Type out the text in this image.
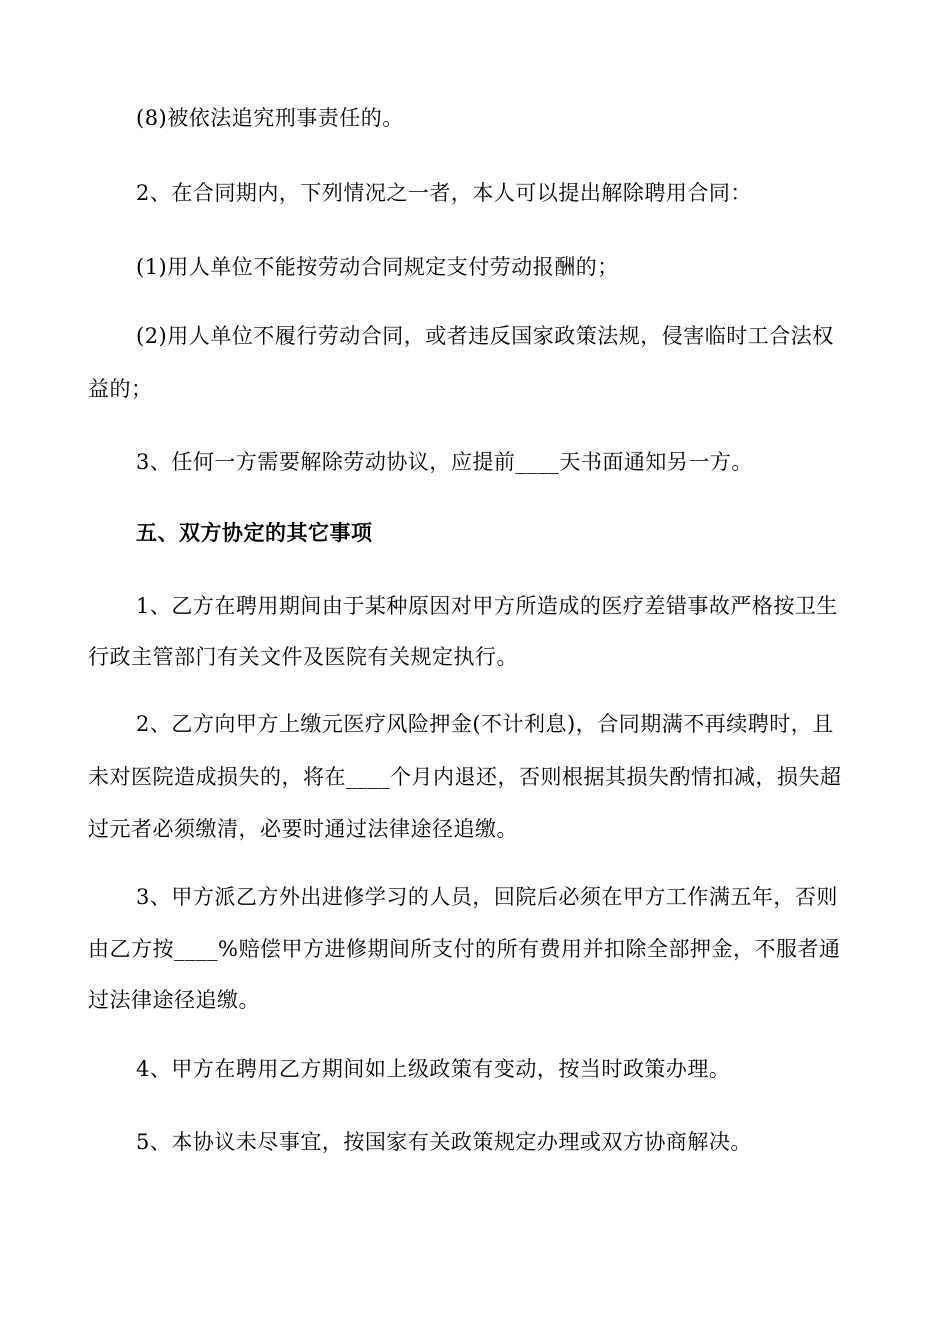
(8)被依法追究刑事责任的。
2、在合同期内，下列情况之一者，本人可以提出解除聘用合同：
(1)用人单位不能按劳动合同规定支付劳动报酬的；
(2)用人单位不履行劳动合同，或者违反国家政策法规，侵害临时工合法权
益的；
3、任何一方需要解除劳动协议，应提前____天书面通知另一方。
五、双方协定的其它事项
1、乙方在聘用期间由于某种原因对甲方所造成的医疗差错事故严格按卫生
行政主管部门有关文件及医院有关规定执行。
2、乙方向甲方上缴元医疗风险押金(不计利息)，合同期满不再续聘时，且
未对医院造成损失的，将在____个月内退还，否则根据其损失酌情扣减，损失超
过元者必须缴清，必要时通过法律途径追缴。
3、甲方派乙方外出进修学习的人员，回院后必须在甲方工作满五年，否则
由乙方按____%赔偿甲方进修期间所支付的所有费用并扣除全部押金，不服者通
过法律途径追缴。
4、甲方在聘用乙方期间如上级政策有变动，按当时政策办理。
5、本协议未尽事宜，按国家有关政策规定办理或双方协商解决。
